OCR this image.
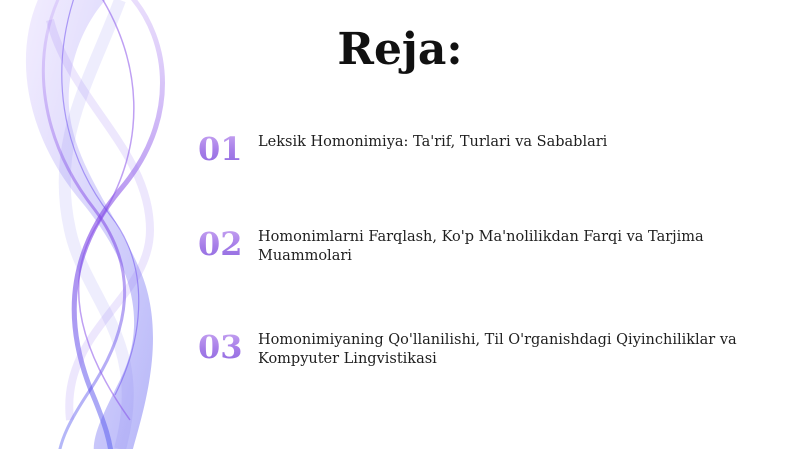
Reja:
01	Leksik Homonimiya: Ta'rif, Turlari va Sabablari
02	Homonimlarni Farqlash, Ko'p Ma'nolilikdan Farqi va Tarjima Muammolari
03	Homonimiyaning Qo'llanilishi, Til O'rganishdagi Qiyinchiliklar va Kompyuter Lingvistikasi
